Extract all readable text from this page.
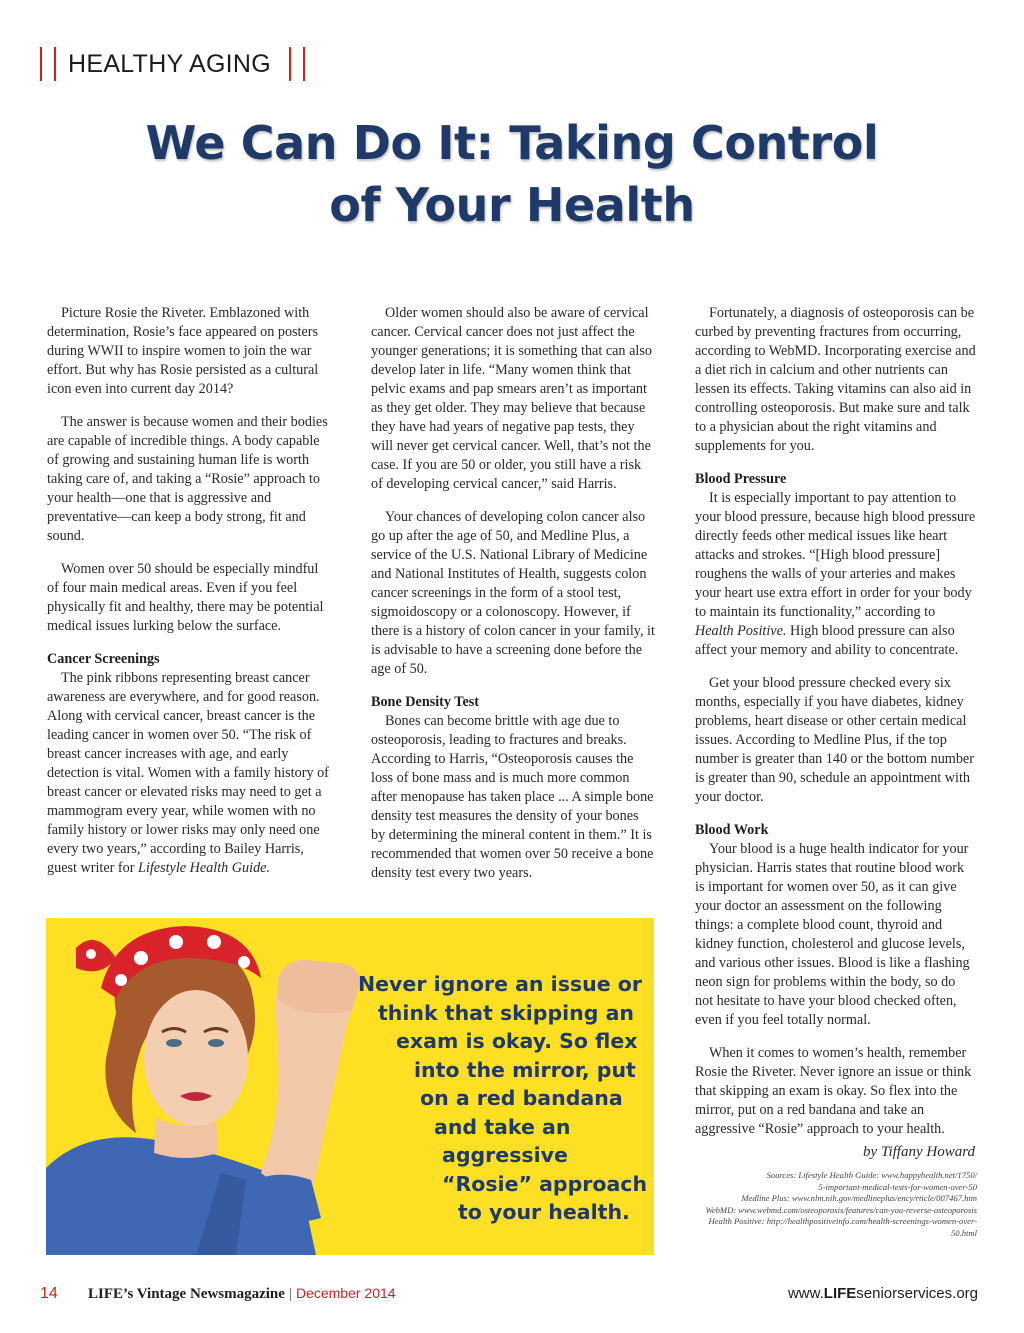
HEALTHY AGING
We Can Do It: Taking Control
of Your Health

Picture Rosie the Riveter. Emblazoned with determination, Rosie’s face appeared on posters during WWII to inspire women to join the war effort. But why has Rosie persisted as a cultural icon even into current day 2014?

The answer is because women and their bodies are capable of incredible things. A body capable of growing and sustaining human life is worth taking care of, and taking a “Rosie” approach to your health—one that is aggressive and preventative—can keep a body strong, fit and sound.

Women over 50 should be especially mindful of four main medical areas. Even if you feel physically fit and healthy, there may be potential medical issues lurking below the surface.

Cancer Screenings

The pink ribbons representing breast cancer awareness are everywhere, and for good reason. Along with cervical cancer, breast cancer is the leading cancer in women over 50. “The risk of breast cancer increases with age, and early detection is vital. Women with a family history of breast cancer or elevated risks may need to get a mammogram every year, while women with no family history or lower risks may only need one every two years,” according to Bailey Harris, guest writer for Lifestyle Health Guide.

Older women should also be aware of cervical cancer. Cervical cancer does not just affect the younger generations; it is something that can also develop later in life. “Many women think that pelvic exams and pap smears aren’t as important as they get older. They may believe that because they have had years of negative pap tests, they will never get cervical cancer. Well, that’s not the case. If you are 50 or older, you still have a risk of developing cervical cancer,” said Harris.

Your chances of developing colon cancer also go up after the age of 50, and Medline Plus, a service of the U.S. National Library of Medicine and National Institutes of Health, suggests colon cancer screenings in the form of a stool test, sigmoidoscopy or a colonoscopy. However, if there is a history of colon cancer in your family, it is advisable to have a screening done before the age of 50.

Bone Density Test

Bones can become brittle with age due to osteoporosis, leading to fractures and breaks. According to Harris, “Osteoporosis causes the loss of bone mass and is much more common after menopause has taken place ... A simple bone density test measures the density of your bones by determining the mineral content in them.” It is recommended that women over 50 receive a bone density test every two years.

Fortunately, a diagnosis of osteoporosis can be curbed by preventing fractures from occurring, according to WebMD. Incorporating exercise and a diet rich in calcium and other nutrients can lessen its effects. Taking vitamins can also aid in controlling osteoporosis. But make sure and talk to a physician about the right vitamins and supplements for you.

Blood Pressure

It is especially important to pay attention to your blood pressure, because high blood pressure directly feeds other medical issues like heart attacks and strokes. “[High blood pressure] roughens the walls of your arteries and makes your heart use extra effort in order for your body to maintain its functionality,” according to Health Positive. High blood pressure can also affect your memory and ability to concentrate.

Get your blood pressure checked every six months, especially if you have diabetes, kidney problems, heart disease or other certain medical issues. According to Medline Plus, if the top number is greater than 140 or the bottom number is greater than 90, schedule an appointment with your doctor.

Blood Work

Your blood is a huge health indicator for your physician. Harris states that routine blood work is important for women over 50, as it can give your doctor an assessment on the following things: a complete blood count, thyroid and kidney function, cholesterol and glucose levels, and various other issues. Blood is like a flashing neon sign for problems within the body, so do not hesitate to have your blood checked often, even if you feel totally normal.

When it comes to women’s health, remember Rosie the Riveter. Never ignore an issue or think that skipping an exam is okay. So flex into the mirror, put on a red bandana and take an aggressive “Rosie” approach to your health.

by Tiffany Howard
Sources: Lifestyle Health Guide: www.happyhealth.net/1750/
5-important-medical-tests-for-women-over-50
Medline Plus: www.nlm.nih.gov/medlineplus/ency/rticle/007467.htm
WebMD: www.webmd.com/osteoporosis/features/can-you-reverse-osteoporosis
Health Positive: http://healthpositiveinfo.com/health-screenings-women-over-50.html
Never ignore an issue or
think that skipping an
exam is okay. So flex
into the mirror, put
on a red bandana
and take an
aggressive
“Rosie” approach
to your health.
14 LIFE’s Vintage Newsmagazine | December 2014	www.LIFEseniorservices.org
